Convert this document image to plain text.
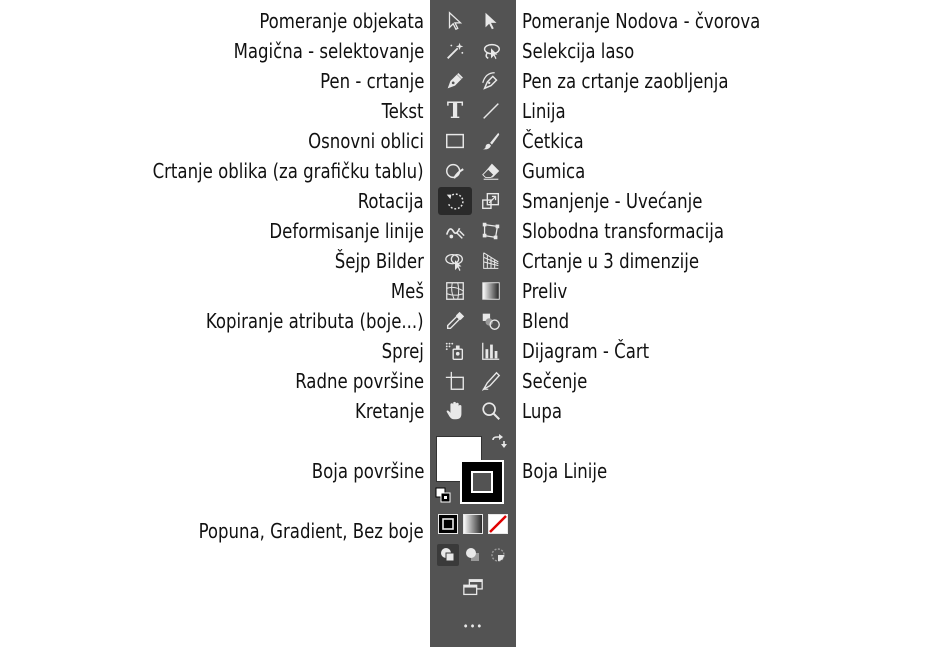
Pomeranje objekata
Magična - selektovanje
Pen - crtanje
Tekst
Osnovni oblici
Crtanje oblika (za grafičku tablu)
Rotacija
Deformisanje linije
Šejp Bilder
Meš
Kopiranje atributa (boje...)
Sprej
Radne površine
Kretanje
Boja površine
Popuna, Gradient, Bez boje
Pomeranje Nodova - čvorova
Selekcija laso
Pen za crtanje zaobljenja
Linija
Četkica
Gumica
Smanjenje - Uvećanje
Slobodna transformacija
Crtanje u 3 dimenzije
Preliv
Blend
Dijagram - Čart
Sečenje
Lupa
Boja Linije
T
•••
